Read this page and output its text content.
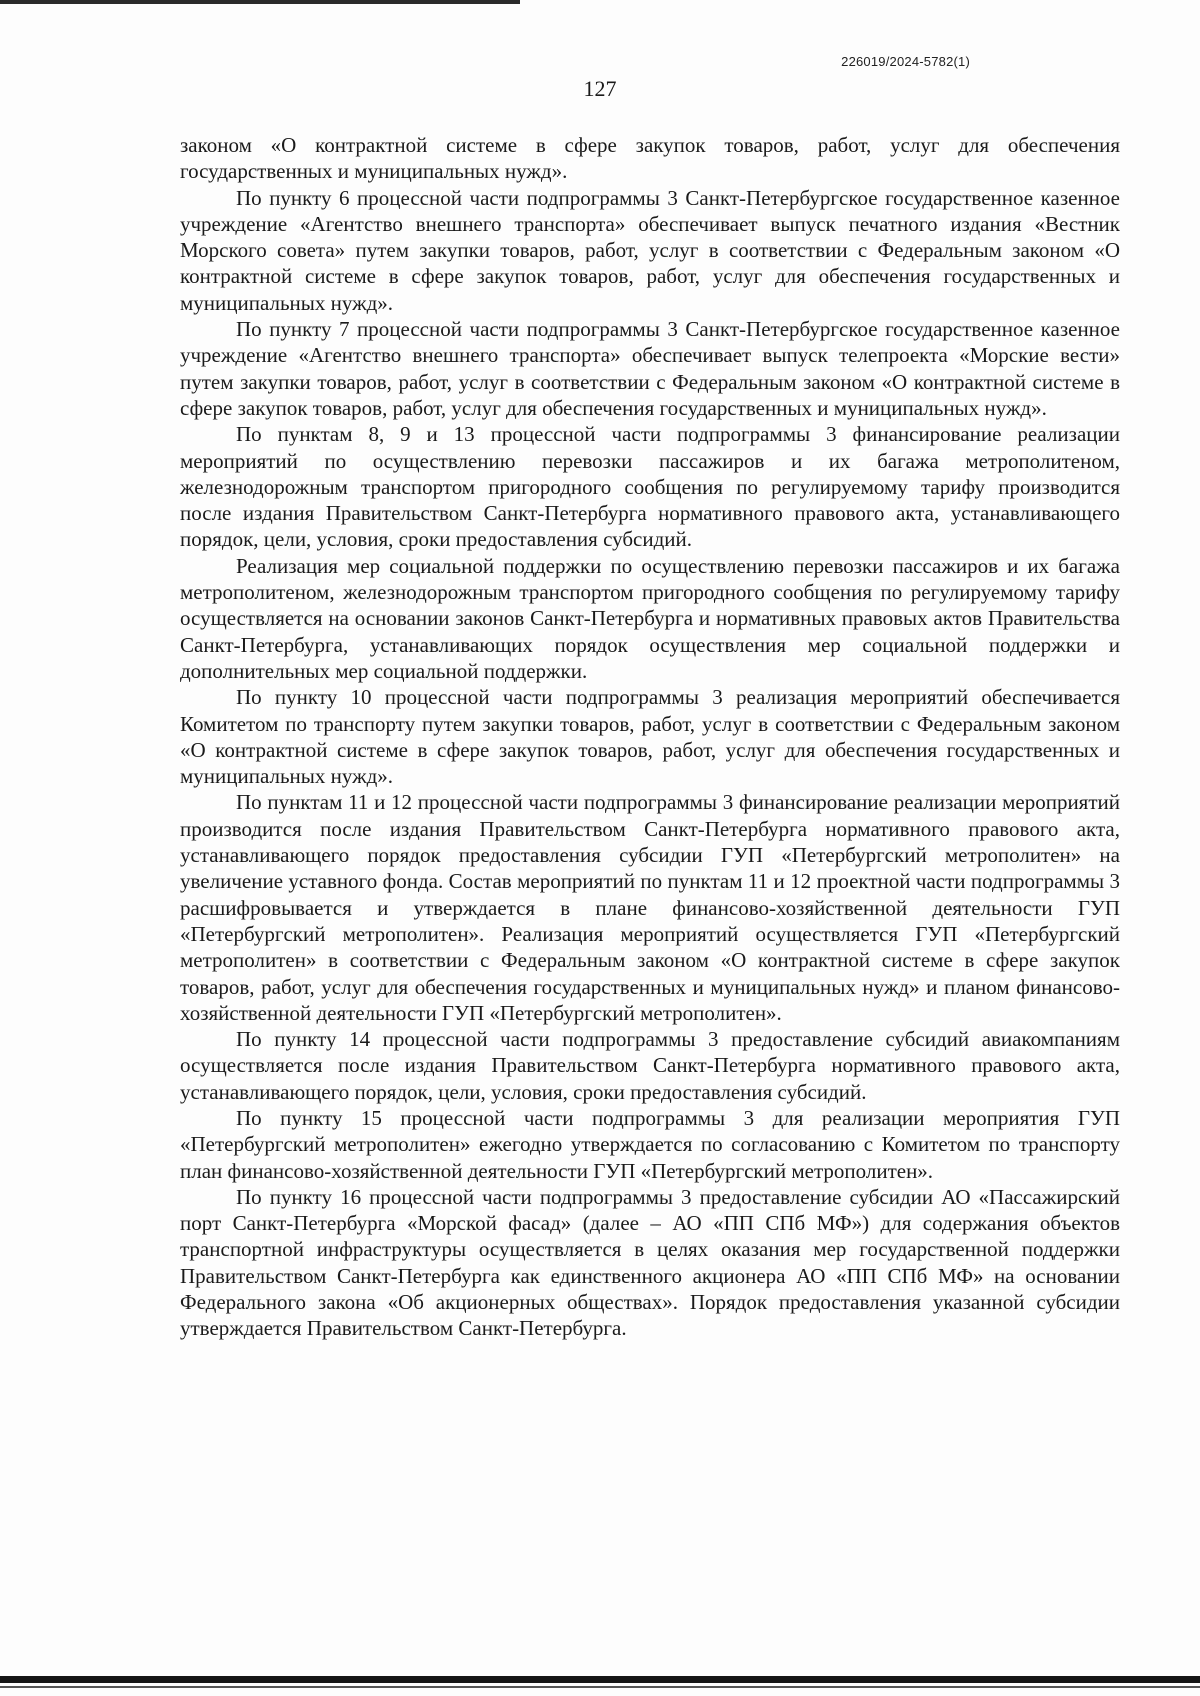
226019/2024-5782(1)
127

законом «О контрактной системе в сфере закупок товаров, работ, услуг для обеспечения государственных и муниципальных нужд».

По пункту 6 процессной части подпрограммы 3 Санкт-Петербургское государственное казенное учреждение «Агентство внешнего транспорта» обеспечивает выпуск печатного издания «Вестник Морского совета» путем закупки товаров, работ, услуг в соответствии с Федеральным законом «О контрактной системе в сфере закупок товаров, работ, услуг для обеспечения государственных и муниципальных нужд».

По пункту 7 процессной части подпрограммы 3 Санкт-Петербургское государственное казенное учреждение «Агентство внешнего транспорта» обеспечивает выпуск телепроекта «Морские вести» путем закупки товаров, работ, услуг в соответствии с Федеральным законом «О контрактной системе в сфере закупок товаров, работ, услуг для обеспечения государственных и муниципальных нужд».

По пунктам 8, 9 и 13 процессной части подпрограммы 3 финансирование реализации мероприятий по осуществлению перевозки пассажиров и их багажа метрополитеном, железнодорожным транспортом пригородного сообщения по регулируемому тарифу производится после издания Правительством Санкт-Петербурга нормативного правового акта, устанавливающего порядок, цели, условия, сроки предоставления субсидий.

Реализация мер социальной поддержки по осуществлению перевозки пассажиров и их багажа метрополитеном, железнодорожным транспортом пригородного сообщения по регулируемому тарифу осуществляется на основании законов Санкт-Петербурга и нормативных правовых актов Правительства Санкт-Петербурга, устанавливающих порядок осуществления мер социальной поддержки и дополнительных мер социальной поддержки.

По пункту 10 процессной части подпрограммы 3 реализация мероприятий обеспечивается Комитетом по транспорту путем закупки товаров, работ, услуг в соответствии с Федеральным законом «О контрактной системе в сфере закупок товаров, работ, услуг для обеспечения государственных и муниципальных нужд».

По пунктам 11 и 12 процессной части подпрограммы 3 финансирование реализации мероприятий производится после издания Правительством Санкт-Петербурга нормативного правового акта, устанавливающего порядок предоставления субсидии ГУП «Петербургский метрополитен» на увеличение уставного фонда. Состав мероприятий по пунктам 11 и 12 проектной части подпрограммы 3 расшифровывается и утверждается в плане финансово-хозяйственной деятельности ГУП «Петербургский метрополитен». Реализация мероприятий осуществляется ГУП «Петербургский метрополитен» в соответствии с Федеральным законом «О контрактной системе в сфере закупок товаров, работ, услуг для обеспечения государственных и муниципальных нужд» и планом финансово-хозяйственной деятельности ГУП «Петербургский метрополитен».

По пункту 14 процессной части подпрограммы 3 предоставление субсидий авиакомпаниям осуществляется после издания Правительством Санкт-Петербурга нормативного правового акта, устанавливающего порядок, цели, условия, сроки предоставления субсидий.

По пункту 15 процессной части подпрограммы 3 для реализации мероприятия ГУП «Петербургский метрополитен» ежегодно утверждается по согласованию с Комитетом по транспорту план финансово-хозяйственной деятельности ГУП «Петербургский метрополитен».

По пункту 16 процессной части подпрограммы 3 предоставление субсидии АО «Пассажирский порт Санкт-Петербурга «Морской фасад» (далее – АО «ПП СПб МФ») для содержания объектов транспортной инфраструктуры осуществляется в целях оказания мер государственной поддержки Правительством Санкт-Петербурга как единственного акционера АО «ПП СПб МФ» на основании Федерального закона «Об акционерных обществах». Порядок предоставления указанной субсидии утверждается Правительством Санкт-Петербурга.
